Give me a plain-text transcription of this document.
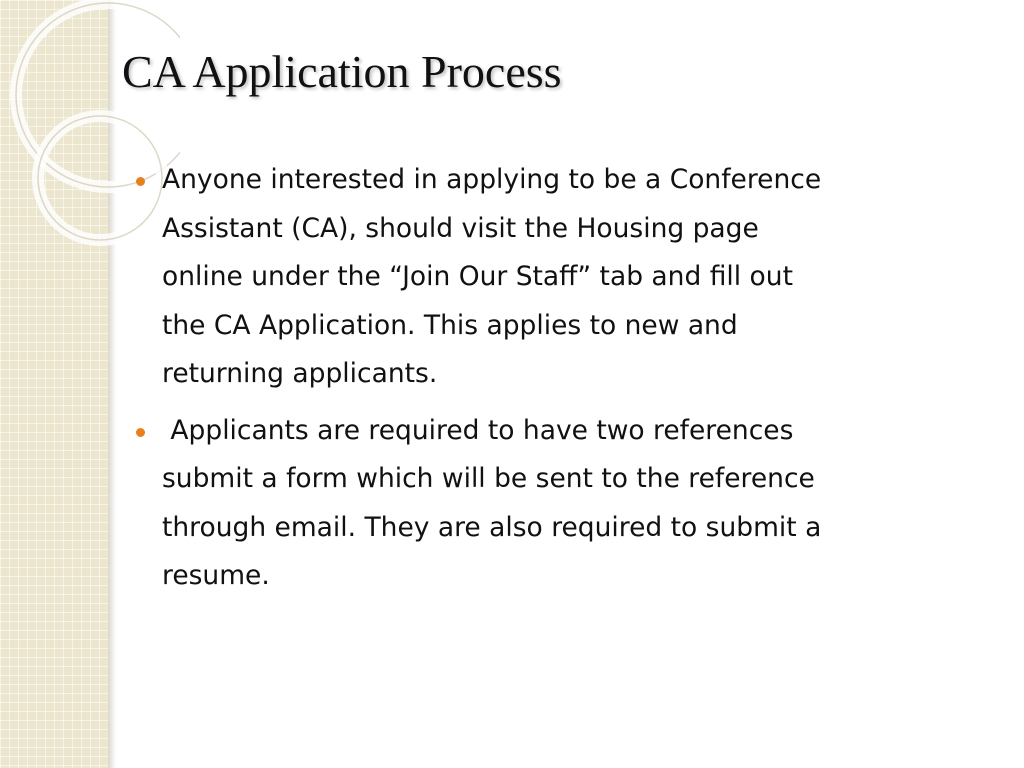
CA Application Process
Anyone interested in applying to be a Conference
Assistant (CA), should visit the Housing page
online under the “Join Our Staff” tab and fill out
the CA Application. This applies to new and
returning applicants.
Applicants are required to have two references
submit a form which will be sent to the reference
through email. They are also required to submit a
resume.
